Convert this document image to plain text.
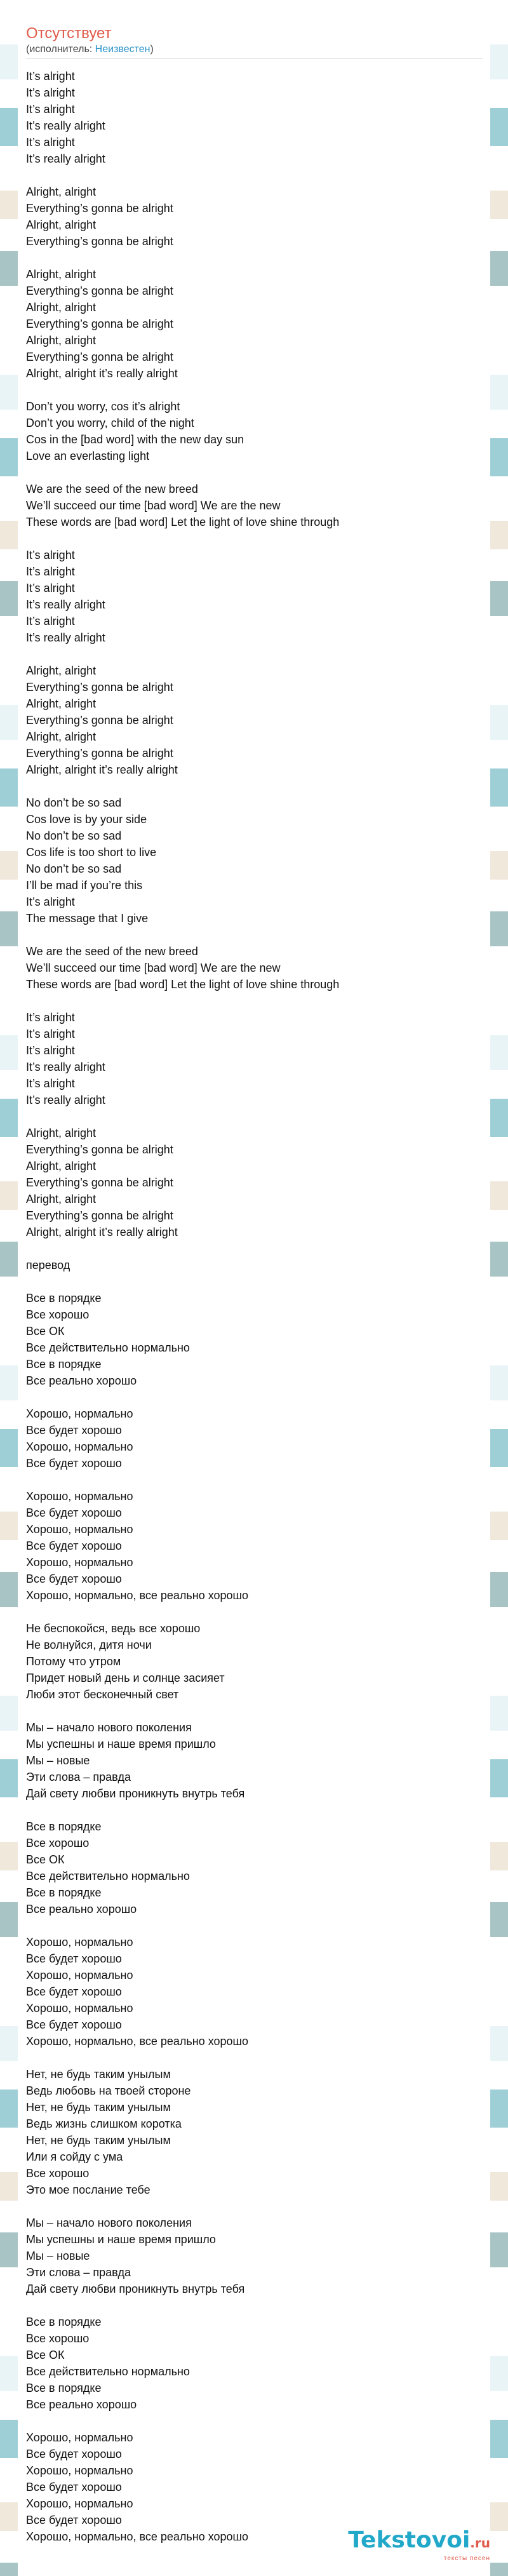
Отсутствует
(исполнитель: Неизвестен)
It’s alright
It’s alright
It’s alright
It’s really alright
It’s alright
It’s really alright
Alright, alright
Everything’s gonna be alright
Alright, alright
Everything’s gonna be alright
Alright, alright
Everything’s gonna be alright
Alright, alright
Everything’s gonna be alright
Alright, alright
Everything’s gonna be alright
Alright, alright it’s really alright
Don’t you worry, cos it’s alright
Don’t you worry, child of the night
Cos in the [bad word] with the new day sun
Love an everlasting light
We are the seed of the new breed
We’ll succeed our time [bad word] We are the new
These words are [bad word] Let the light of love shine through
It’s alright
It’s alright
It’s alright
It’s really alright
It’s alright
It’s really alright
Alright, alright
Everything’s gonna be alright
Alright, alright
Everything’s gonna be alright
Alright, alright
Everything’s gonna be alright
Alright, alright it’s really alright
No don’t be so sad
Cos love is by your side
No don’t be so sad
Cos life is too short to live
No don’t be so sad
I’ll be mad if you’re this
It’s alright
The message that I give
We are the seed of the new breed
We’ll succeed our time [bad word] We are the new
These words are [bad word] Let the light of love shine through
It’s alright
It’s alright
It’s alright
It’s really alright
It’s alright
It’s really alright
Alright, alright
Everything’s gonna be alright
Alright, alright
Everything’s gonna be alright
Alright, alright
Everything’s gonna be alright
Alright, alright it’s really alright
перевод
Все в порядке
Все хорошо
Все ОК
Все действительно нормально
Все в порядке
Все реально хорошо
Хорошо, нормально
Все будет хорошо
Хорошо, нормально
Все будет хорошо
Хорошо, нормально
Все будет хорошо
Хорошо, нормально
Все будет хорошо
Хорошо, нормально
Все будет хорошо
Хорошо, нормально, все реально хорошо
Не беспокойся, ведь все хорошо
Не волнуйся, дитя ночи
Потому что утром
Придет новый день и солнце засияет
Люби этот бесконечный свет
Мы – начало нового поколения
Мы успешны и наше время пришло
Мы – новые
Эти слова – правда
Дай свету любви проникнуть внутрь тебя
Все в порядке
Все хорошо
Все ОК
Все действительно нормально
Все в порядке
Все реально хорошо
Хорошо, нормально
Все будет хорошо
Хорошо, нормально
Все будет хорошо
Хорошо, нормально
Все будет хорошо
Хорошо, нормально, все реально хорошо
Нет, не будь таким унылым
Ведь любовь на твоей стороне
Нет, не будь таким унылым
Ведь жизнь слишком коротка
Нет, не будь таким унылым
Или я сойду с ума
Все хорошо
Это мое послание тебе
Мы – начало нового поколения
Мы успешны и наше время пришло
Мы – новые
Эти слова – правда
Дай свету любви проникнуть внутрь тебя
Все в порядке
Все хорошо
Все ОК
Все действительно нормально
Все в порядке
Все реально хорошо
Хорошо, нормально
Все будет хорошо
Хорошо, нормально
Все будет хорошо
Хорошо, нормально
Все будет хорошо
Хорошо, нормально, все реально хорошо	Tekstovoi.ru
тексты песен
